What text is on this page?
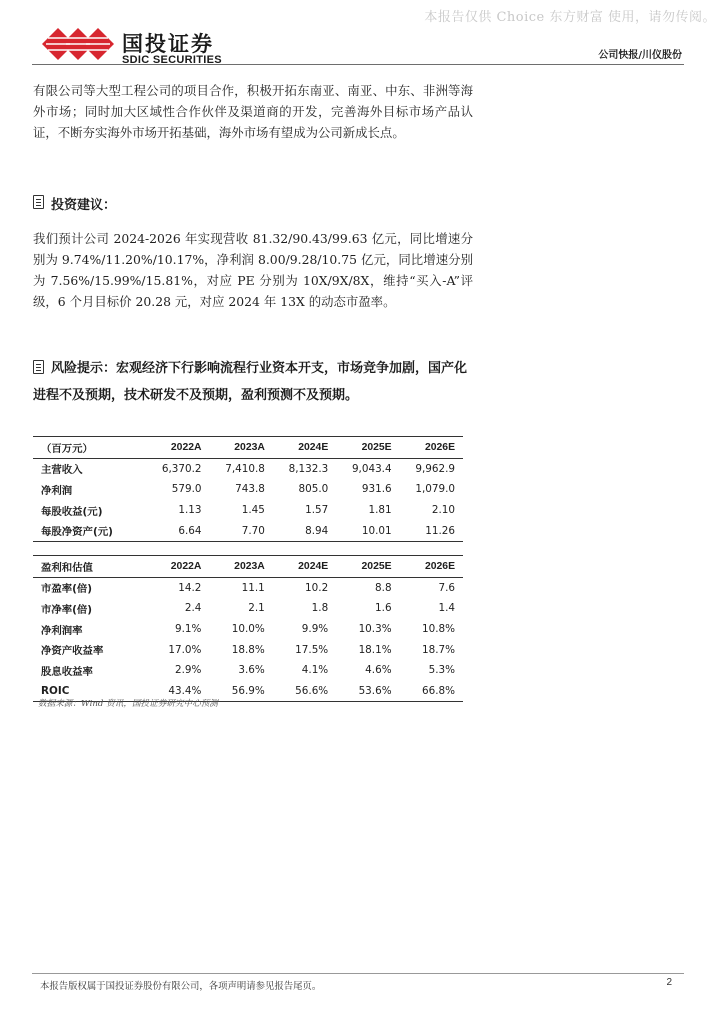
本报告仅供 Choice 东方财富 使用，请勿传阅。
国投证券
SDIC SECURITIES	公司快报/川仪股份
有限公司等大型工程公司的项目合作，积极开拓东南亚、南亚、中东、非洲等海外市场；同时加大区域性合作伙伴及渠道商的开发，完善海外目标市场产品认证，不断夯实海外市场开拓基础，海外市场有望成为公司新成长点。
投资建议：
我们预计公司 2024-2026 年实现营收 81.32/90.43/99.63 亿元，同比增速分别为 9.74%/11.20%/10.17%，净利润 8.00/9.28/10.75 亿元，同比增速分别为 7.56%/15.99%/15.81%，对应 PE 分别为 10X/9X/8X，维持“买入-A”评级，6 个月目标价 20.28 元，对应 2024 年 13X 的动态市盈率。
风险提示：宏观经济下行影响流程行业资本开支，市场竞争加剧，国产化进程不及预期，技术研发不及预期，盈利预测不及预期。
（百万元）	2022A	2023A	2024E	2025E	2026E
主营收入	6,370.2	7,410.8	8,132.3	9,043.4	9,962.9
净利润	579.0	743.8	805.0	931.6	1,079.0
每股收益(元)	1.13	1.45	1.57	1.81	2.10
每股净资产(元)	6.64	7.70	8.94	10.01	11.26
盈利和估值	2022A	2023A	2024E	2025E	2026E
市盈率(倍)	14.2	11.1	10.2	8.8	7.6
市净率(倍)	2.4	2.1	1.8	1.6	1.4
净利润率	9.1%	10.0%	9.9%	10.3%	10.8%
净资产收益率	17.0%	18.8%	17.5%	18.1%	18.7%
股息收益率	2.9%	3.6%	4.1%	4.6%	5.3%
ROIC	43.4%	56.9%	56.6%	53.6%	66.8%
数据来源：Wind 资讯，国投证券研究中心预测
本报告版权属于国投证券股份有限公司，各项声明请参见报告尾页。	2
